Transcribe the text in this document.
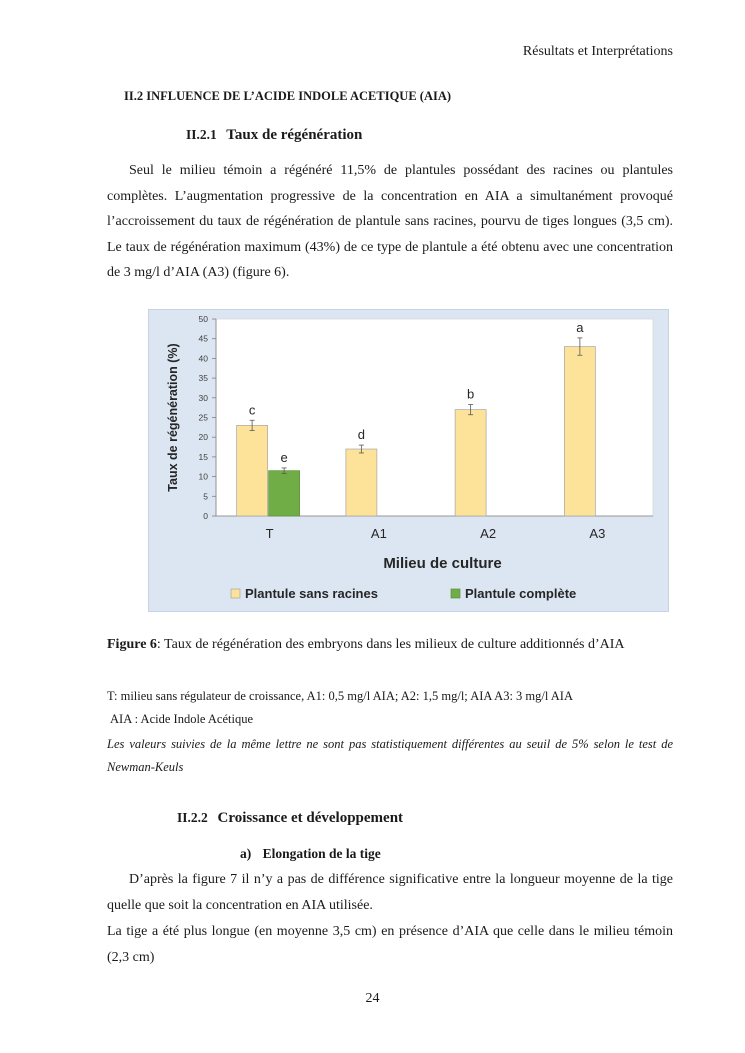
Résultats et Interprétations
II.2 INFLUENCE DE L’ACIDE INDOLE ACETIQUE (AIA)
II.2.1 Taux de régénération
Seul le milieu témoin a régénéré 11,5% de plantules possédant des racines ou plantules complètes. L’augmentation progressive de la concentration en AIA a simultanément provoqué l’accroissement du taux de régénération de plantule sans racines, pourvu de tiges longues (3,5 cm). Le taux de régénération maximum (43%) de ce type de plantule a été obtenu avec une concentration de 3 mg/l d’AIA (A3) (figure 6).
0
5
10
15
20
25
30
35
40
45
50
Taux de régénération (%)
T
c
e
A1
d
A2
b
A3
a
Milieu de culture
Plantule sans racines	Plantule complète
Figure 6: Taux de régénération des embryons dans les milieux de culture additionnés d’AIA
T: milieu sans régulateur de croissance, A1: 0,5 mg/l AIA; A2: 1,5 mg/l; AIA A3: 3 mg/l AIA
AIA : Acide Indole Acétique
Les valeurs suivies de la même lettre ne sont pas statistiquement différentes au seuil de 5% selon le test de Newman-Keuls
II.2.2 Croissance et développement
a) Elongation de la tige
D’après la figure 7 il n’y a pas de différence significative entre la longueur moyenne de la tige quelle que soit la concentration en AIA utilisée.
La tige a été plus longue (en moyenne 3,5 cm) en présence d’AIA que celle dans le milieu témoin (2,3 cm)
24
